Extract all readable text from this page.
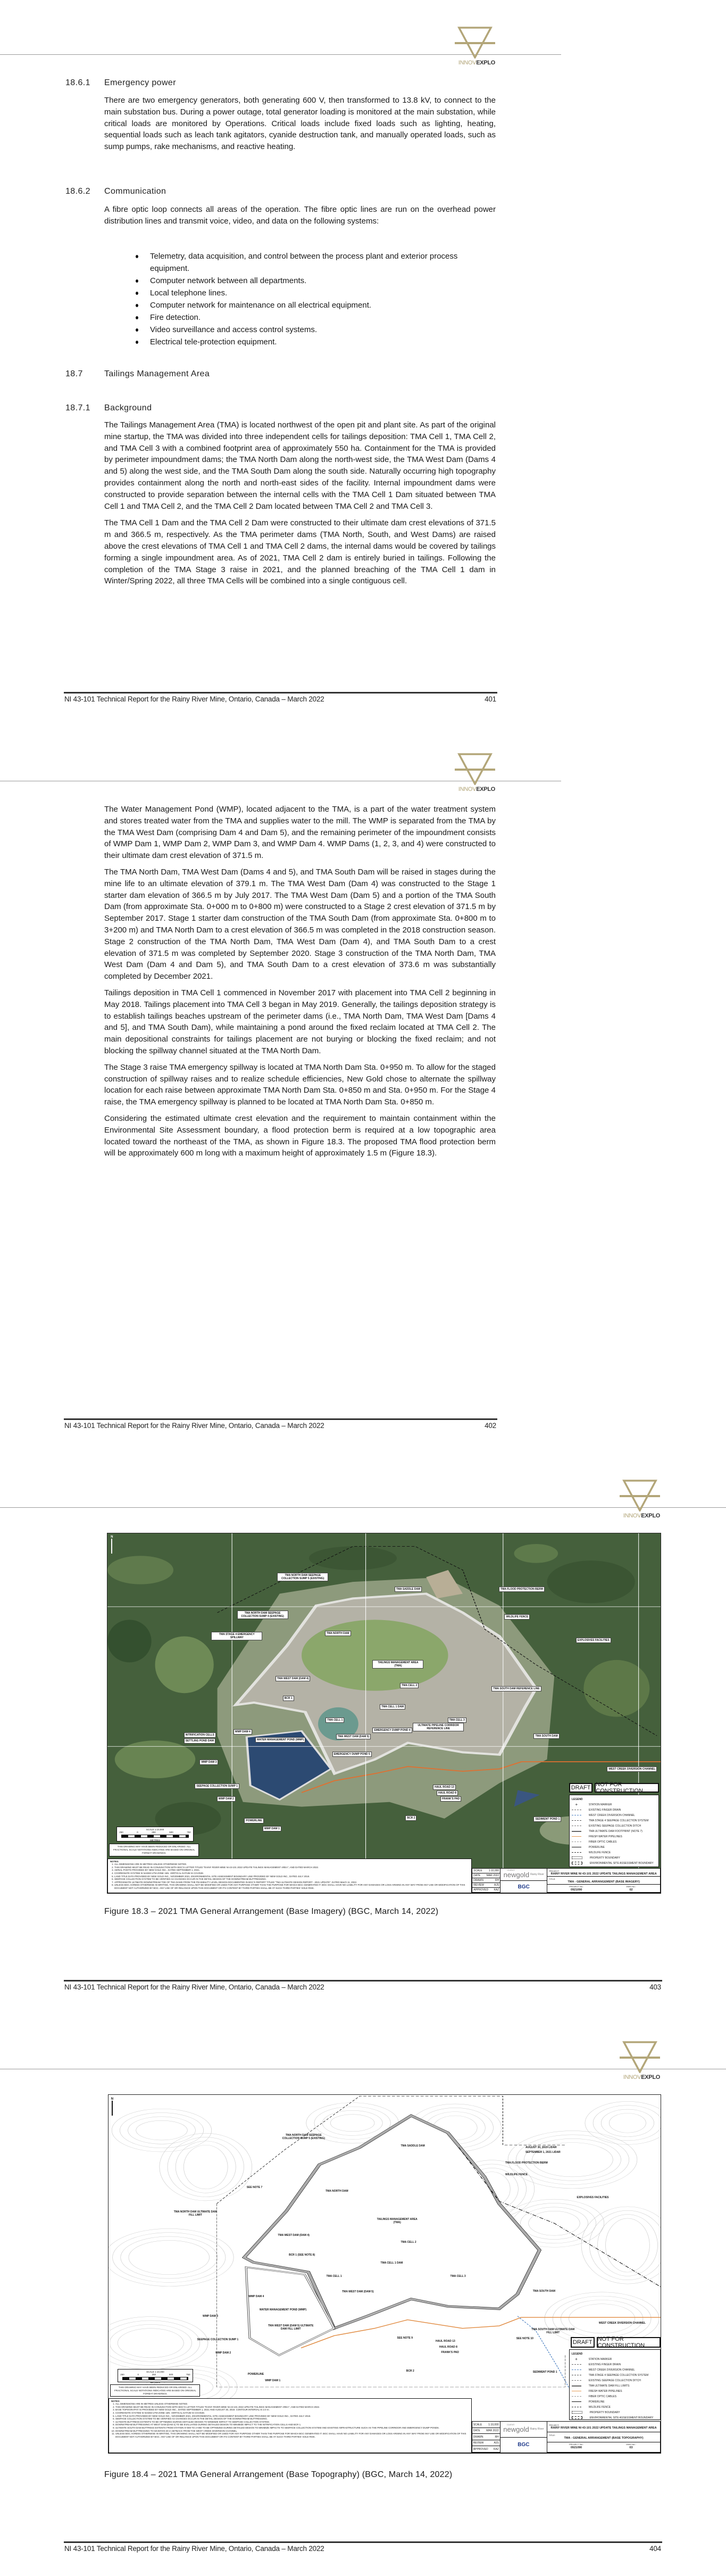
INNOVEXPLO
18.6.1 Emergency power

There are two emergency generators, both generating 600 V, then transformed to 13.8 kV, to connect to the main substation bus. During a power outage, total generator loading is monitored at the main substation, while critical loads are monitored by Operations. Critical loads include fixed loads such as lighting, heating, sequential loads such as leach tank agitators, cyanide destruction tank, and manually operated loads, such as sump pumps, rake mechanisms, and reactive heating.

18.6.2 Communication

A fibre optic loop connects all areas of the operation. The fibre optic lines are run on the overhead power distribution lines and transmit voice, video, and data on the following systems:

Telemetry, data acquisition, and control between the process plant and exterior process equipment.
Computer network between all departments.
Local telephone lines.
Computer network for maintenance on all electrical equipment.
Fire detection.
Video surveillance and access control systems.
Electrical tele-protection equipment.
18.7	Tailings Management Area
18.7.1 Background

The Tailings Management Area (TMA) is located northwest of the open pit and plant site. As part of the original mine startup, the TMA was divided into three independent cells for tailings deposition: TMA Cell 1, TMA Cell 2, and TMA Cell 3 with a combined footprint area of approximately 550 ha. Containment for the TMA is provided by perimeter impoundment dams; the TMA North Dam along the north-west side, the TMA West Dam (Dams 4 and 5) along the west side, and the TMA South Dam along the south side. Naturally occurring high topography provides containment along the north and north-east sides of the facility. Internal impoundment dams were constructed to provide separation between the internal cells with the TMA Cell 1 Dam situated between TMA Cell 1 and TMA Cell 2, and the TMA Cell 2 Dam located between TMA Cell 2 and TMA Cell 3.

The TMA Cell 1 Dam and the TMA Cell 2 Dam were constructed to their ultimate dam crest elevations of 371.5 m and 366.5 m, respectively. As the TMA perimeter dams (TMA North, South, and West Dams) are raised above the crest elevations of TMA Cell 1 and TMA Cell 2 dams, the internal dams would be covered by tailings forming a single impoundment area. As of 2021, TMA Cell 2 dam is entirely buried in tailings. Following the completion of the TMA Stage 3 raise in 2021, and the planned breaching of the TMA Cell 1 dam in Winter/Spring 2022, all three TMA Cells will be combined into a single contiguous cell.

NI 43-101 Technical Report for the Rainy River Mine, Ontario, Canada – March 2022	401
INNOVEXPLO

The Water Management Pond (WMP), located adjacent to the TMA, is a part of the water treatment system and stores treated water from the TMA and supplies water to the mill. The WMP is separated from the TMA by the TMA West Dam (comprising Dam 4 and Dam 5), and the remaining perimeter of the impoundment consists of WMP Dam 1, WMP Dam 2, WMP Dam 3, and WMP Dam 4. WMP Dams (1, 2, 3, and 4) were constructed to their ultimate dam crest elevation of 371.5 m.

The TMA North Dam, TMA West Dam (Dams 4 and 5), and TMA South Dam will be raised in stages during the mine life to an ultimate elevation of 379.1 m. The TMA West Dam (Dam 4) was constructed to the Stage 1 starter dam elevation of 366.5 m by July 2017. The TMA West Dam (Dam 5) and a portion of the TMA South Dam (from approximate Sta. 0+000 m to 0+800 m) were constructed to a Stage 2 crest elevation of 371.5 m by September 2017. Stage 1 starter dam construction of the TMA South Dam (from approximate Sta. 0+800 m to 3+200 m) and TMA North Dam to a crest elevation of 366.5 m was completed in the 2018 construction season. Stage 2 construction of the TMA North Dam, TMA West Dam (Dam 4), and TMA South Dam to a crest elevation of 371.5 m was completed by September 2020. Stage 3 construction of the TMA North Dam, TMA West Dam (Dam 4 and Dam 5), and TMA South Dam to a crest elevation of 373.6 m was substantially completed by December 2021.

Tailings deposition in TMA Cell 1 commenced in November 2017 with placement into TMA Cell 2 beginning in May 2018. Tailings placement into TMA Cell 3 began in May 2019. Generally, the tailings deposition strategy is to establish tailings beaches upstream of the perimeter dams (i.e., TMA North Dam, TMA West Dam [Dams 4 and 5], and TMA South Dam), while maintaining a pond around the fixed reclaim located at TMA Cell 2. The main depositional constraints for tailings placement are not burying or blocking the fixed reclaim; and not blocking the spillway channel situated at the TMA North Dam.

The Stage 3 raise TMA emergency spillway is located at TMA North Dam Sta. 0+950 m. To allow for the staged construction of spillway raises and to realize schedule efficiencies, New Gold chose to alternate the spillway location for each raise between approximate TMA North Dam Sta. 0+850 m and Sta. 0+950 m. For the Stage 4 raise, the TMA emergency spillway is planned to be located at TMA North Dam Sta. 0+850 m.

Considering the estimated ultimate crest elevation and the requirement to maintain containment within the Environmental Site Assessment boundary, a flood protection berm is required at a low topographic area located toward the northeast of the TMA, as shown in Figure 18.3. The proposed TMA flood protection berm will be approximately 600 m long with a maximum height of approximately 1.5 m (Figure 18.3).

NI 43-101 Technical Report for the Rainy River Mine, Ontario, Canada – March 2022	402
INNOVEXPLO
TMA NORTH DAM SEEPAGE COLLECTION SUMP 5 (EXISTING)
TMA SADDLE DAM	TMA FLOOD PROTECTION BERM
WILDLIFE FENCE
TMA NORTH DAM
TAILINGS MANAGEMENT AREA (TMA)
EXPLOSIVES FACILITIES
TMA CELL 2
TMA CELL 1	TMA CELL 3
TMA CELL 1 DAM
WATER MANAGEMENT POND (WMP)
TMA SOUTH DAM
WEST CREEK DIVERSION CHANNEL
SEDIMENT POND 1
TMA WEST DAM (DAM 4)
TMA WEST DAM (DAM 5)
BCR 1
BCR 2
WMP DAM 1
WMP DAM 2
WMP DAM 3
WMP DAM 4
POWERLINE
HAUL ROAD 13
HAUL ROAD 8
FRANK'S PAD
SEEPAGE COLLECTION SUMP 1
TMA NORTH DAM SEEPAGE COLLECTION SUMP 4 (EXISTING)
TMA STAGE 4 EMERGENCY SPILLWAY
TMA SOUTH DAM REFERENCE LINE
ULTIMATE PIPELINE CORRIDOR REFERENCE LINE
EMERGENCY DUMP POND 4
EMERGENCY DUMP POND 5
NITRIFICATION CELLS
SETTLING POND DAM
N
DRAFT NOT FOR CONSTRUCTION
LEGEND
+	STATION MARKER
EXISTING FINGER DRAIN
WEST CREEK DIVERSION CHANNEL
TMA STAGE 4 SEEPAGE COLLECTION SYSTEM
EXISTING SEEPAGE COLLECTION DITCH
TMA ULTIMATE DAM FOOTPRINT (NOTE 7)
FRESH WATER PIPELINES
FIBER OPTIC CABLES
POWERLINE
WILDLIFE FENCE
PROPERTY BOUNDARY
ENVIRONMENTAL SITE ASSESSMENT BOUNDARY
NOTES:
1. ALL DIMENSIONS ARE IN METRES UNLESS OTHERWISE NOTED.
2. THIS DRAWING MUST BE READ IN CONJUNCTION WITH BGC'S LETTER TITLED "RAINY RIVER MINE NI 43-101 2022 UPDATE TAILINGS MANAGEMENT AREA", AND DATED MARCH 2022.
3. AERIAL PHOTO PROVIDED BY NEW GOLD INC., DATED SEPTEMBER 1, 2021.
4. COORDINATE SYSTEM IS NAD83 UTM ZONE 15N. VERTICAL DATUM IS CGVD28.
5. LAND TITLE DATA PROVIDED BY NEW GOLD INC., NOVEMBER 2021. ENVIRONMENTAL SITE ASSESSMENT BOUNDARY LINE PROVIDED BY NEW GOLD INC., DATED JULY 2018.
6. SEEPAGE COLLECTION SYSTEM TO BE VERIFIED AS CHANGES OCCUR IN THE DETAIL DESIGN OF THE DOWNSTREAM BUTTRESSING.
7. APPROXIMATE ULTIMATE DOWNSTREAM TOE OF TMA DAMS FROM THE FEASIBILITY LEVEL DESIGN DOCUMENTED IN BGC'S REPORT TITLED "TMA ULTIMATE DESIGN REPORT - 2021 UPDATE", DATED March 11, 2022.
8. UNLESS BGC AGREES OTHERWISE IN WRITING, THIS DRAWING SHALL NOT BE MODIFIED OR USED FOR ANY PURPOSE OTHER THAN THE PURPOSE FOR WHICH BGC GENERATED IT. BGC SHALL HAVE NO LIABILITY FOR ANY DAMAGES OR LOSS ARISING IN ANY WAY FROM ANY USE OR MODIFICATION OF THIS DOCUMENT NOT AUTHORIZED BY BGC. ANY USE OF OR RELIANCE UPON THIS DOCUMENT OR ITS CONTENT BY THIRD PARTIES SHALL BE AT SUCH THIRD PARTIES' SOLE RISK.
SCALE 1:10,000
250	0	250	500	750
METRES
THIS DRAWING MAY HAVE BEEN REDUCED OR ENLARGED. ALL FRACTIONAL SCALE NOTATIONS INDICATED ARE BASED ON ORIGINAL FORMAT DRAWINGS.
SCALE 1:10,000
DATE MAR 2022
DRAWN	RH
REVIEW	AJS
APPROVED KAZ
CLIENT:
newgold Rainy River
BGC
PROJECT:
RAINY RIVER MINE NI 43-101 2022 UPDATE TAILINGS MANAGEMENT AREA
TITLE:
TMA - GENERAL ARRANGEMENT (BASE IMAGERY)
PROJECT No.:
0921090
DWG No.:
02
Figure 18.3 – 2021 TMA General Arrangement (Base Imagery) (BGC, March 14, 2022)
NI 43-101 Technical Report for the Rainy River Mine, Ontario, Canada – March 2022	403
INNOVEXPLO
TMA NORTH DAM SEEPAGE COLLECTION SUMP 5 (EXISTING)
TMA SADDLE DAM
TMA FLOOD PROTECTION BERM
WILDLIFE FENCE
TMA NORTH DAM
TAILINGS MANAGEMENT AREA (TMA)
EXPLOSIVES FACILITIES
TMA CELL 2
TMA CELL 1	TMA CELL 3
TMA CELL 1 DAM
WATER MANAGEMENT POND (WMP)
TMA SOUTH DAM
WEST CREEK DIVERSION CHANNEL
SEDIMENT POND 1
TMA WEST DAM (DAM 4)
TMA WEST DAM (DAM 5)
BCR 1 (SEE NOTE 8)
BCR 2
WMP DAM 1
WMP DAM 2
WMP DAM 3
WMP DAM 4
POWERLINE
HAUL ROAD 13
HAUL ROAD 8
FRANK'S PAD
SEEPAGE COLLECTION SUMP 1
AUGUST 30, 2019 LIDAR
SEPTEMBER 1, 2021 LIDAR
SEE NOTE 7
SEE NOTE 9	SEE NOTE 10
TMA SOUTH DAM ULTIMATE DAM FILL LIMIT
TMA NORTH DAM ULTIMATE DAM FILL LIMIT
TMA WEST DAM (DAM 5) ULTIMATE DAM FILL LIMIT
N
DRAFT NOT FOR CONSTRUCTION
LEGEND
+	STATION MARKER
EXISTING FINGER DRAIN
WEST CREEK DIVERSION CHANNEL
TMA STAGE 4 SEEPAGE COLLECTION SYSTEM
EXISTING SEEPAGE COLLECTION DITCH
TMA ULTIMATE DAM FILL LIMITS
FRESH WATER PIPELINES
FIBER OPTIC CABLES
POWERLINE
WILDLIFE FENCE
PROPERTY BOUNDARY
ENVIRONMENTAL SITE ASSESSMENT BOUNDARY
NOTES:
1. ALL DIMENSIONS ARE IN METRES UNLESS OTHERWISE NOTED.
2. THIS DRAWING MUST BE READ IN CONJUNCTION WITH BGC'S LETTER TITLED "RAINY RIVER MINE NI 43-101 2022 UPDATE TAILINGS MANAGEMENT AREA", AND DATED MARCH 2022.
3. BASE TOPOGRAPHY IS PROVIDED BY NEW GOLD INC., DATED SEPTEMBER 1, 2021 AND AUGUST 30, 2019. CONTOUR INTERVAL IS 2.0 m.
4. COORDINATE SYSTEM IS NAD83 UTM ZONE 15N. VERTICAL DATUM IS CGVD28.
5. LAND TITLE DATA PROVIDED BY NEW GOLD INC., NOVEMBER 2021. ENVIRONMENTAL SITE ASSESSMENT BOUNDARY LINE PROVIDED BY NEW GOLD INC., DATED JULY 2018.
6. SEEPAGE COLLECTION SYSTEM TO BE VERIFIED AS CHANGES OCCUR IN THE DETAIL DESIGN OF THE DOWNSTREAM BUTTRESSING.
7. ULTIMATE BUTTRESS EXTENTS TO BE OPTIMIZED DURING DETAILED DESIGN TO MINIMIZE IMPACT TO SEEPAGE COLLECTION SYSTEM.
8. DOWNSTREAM BUTTRESSING AT WEST DAM (DAM 4) TO BE EVALUATED DURING DETAILED DESIGN TO MINIMIZE IMPACT TO THE NITRIFICATION CELLS AND BCR 1.
9. ULTIMATE SOUTH DAM BUTTRESS EXTENTS FROM STATION 0+000 TO 2+050 TO BE OPTIMIZED DURING DETAILED DESIGN TO MINIMIZE IMPACTS TO SEEPAGE COLLECTION SYSTEM AND EXISTING INFRASTRUCTURE SUCH AS THE PIPELINE CORRIDOR AND EMERGENCY DUMP PONDS.
10. DOWNSTREAM BUTTRESSING TO MAINTAIN 30 m SETBACK FROM THE WEST CREEK DIVERSION CHANNEL.
11. UNLESS BGC AGREES OTHERWISE IN WRITING, THIS DRAWING SHALL NOT BE MODIFIED OR USED FOR ANY PURPOSE OTHER THAN THE PURPOSE FOR WHICH BGC GENERATED IT. BGC SHALL HAVE NO LIABILITY FOR ANY DAMAGES OR LOSS ARISING IN ANY WAY FROM ANY USE OR MODIFICATION OF THIS DOCUMENT NOT AUTHORIZED BY BGC. ANY USE OF OR RELIANCE UPON THIS DOCUMENT OR ITS CONTENT BY THIRD PARTIES SHALL BE AT SUCH THIRD PARTIES' SOLE RISK.
SCALE 1:10,000
250	0	250	500	750
METRES
THIS DRAWING MAY HAVE BEEN REDUCED OR ENLARGED. ALL FRACTIONAL SCALE NOTATIONS INDICATED ARE BASED ON ORIGINAL FORMAT DRAWINGS.
SCALE 1:10,000
DATE MAR 2022
DRAWN	RH
REVIEW	AJS
APPROVED KAZ
CLIENT:
newgold Rainy River
BGC
PROJECT:
RAINY RIVER MINE NI 43-101 2022 UPDATE TAILINGS MANAGEMENT AREA
TITLE:
TMA - GENERAL ARRANGEMENT (BASE TOPOGRAPHY)
PROJECT No.:
0921090
DWG No.:
03
Figure 18.4 – 2021 TMA General Arrangement (Base Topography) (BGC, March 14, 2022)
NI 43-101 Technical Report for the Rainy River Mine, Ontario, Canada – March 2022	404
